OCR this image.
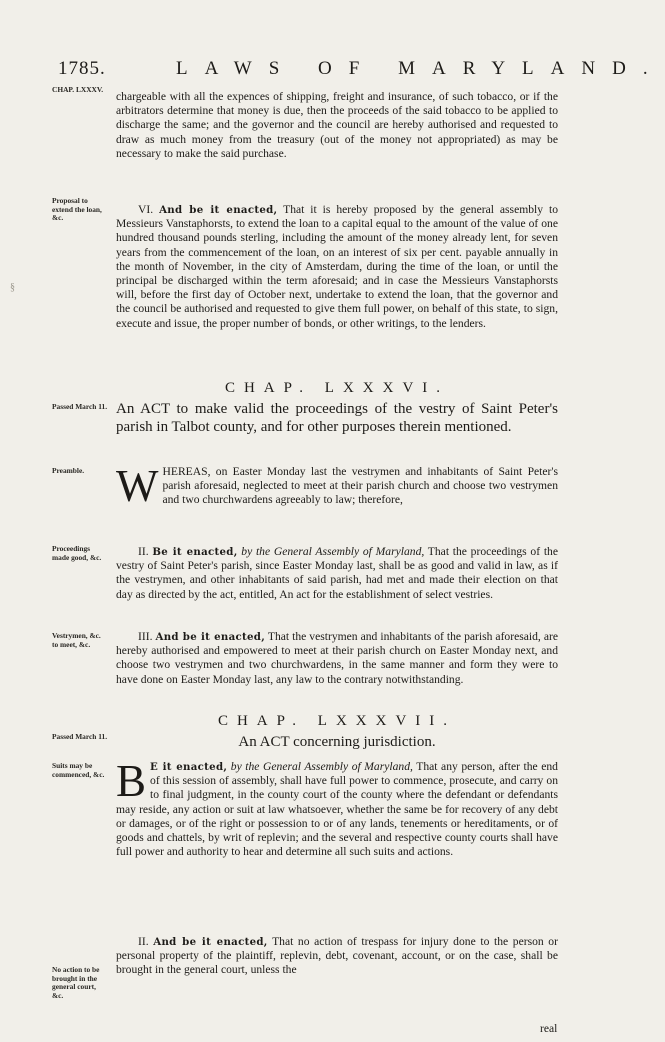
1785.	LAWS OF MARYLAND.
§
CHAP. LXXXV.
Proposal to extend the loan, &c.
Passed March 11.
Preamble.
Proceedings made good, &c.
Vestrymen, &c. to meet, &c.
Passed March 11.
Suits may be commenced, &c.
No action to be brought in the general court, &c.

chargeable with all the expences of shipping, freight and insurance, of such tobacco, or if the arbitrators determine that money is due, then the proceeds of the said tobacco to be applied to discharge the same; and the governor and the council are hereby authorised and requested to draw as much money from the treasury (out of the money not appropriated) as may be necessary to make the said purchase.

VI. And be it enacted, That it is hereby proposed by the general assembly to Messieurs Vanstaphorsts, to extend the loan to a capital equal to the amount of the value of one hundred thousand pounds sterling, including the amount of the money already lent, for seven years from the commencement of the loan, on an interest of six per cent. payable annually in the month of November, in the city of Amsterdam, during the time of the loan, or until the principal be discharged within the term aforesaid; and in case the Messieurs Vanstaphorsts will, before the first day of October next, undertake to extend the loan, that the governor and the council be authorised and requested to give them full power, on behalf of this state, to sign, execute and issue, the proper number of bonds, or other writings, to the lenders.

CHAP. LXXXVI.
An ACT to make valid the proceedings of the vestry of Saint Peter's parish in Talbot county, and for other purposes therein mentioned.

WHEREAS, on Easter Monday last the vestrymen and inhabitants of Saint Peter's parish aforesaid, neglected to meet at their parish church and choose two vestrymen and two churchwardens agreeably to law; therefore,

II. Be it enacted, by the General Assembly of Maryland, That the proceedings of the vestry of Saint Peter's parish, since Easter Monday last, shall be as good and valid in law, as if the vestrymen, and other inhabitants of said parish, had met and made their election on that day as directed by the act, entitled, An act for the establishment of select vestries.

III. And be it enacted, That the vestrymen and inhabitants of the parish aforesaid, are hereby authorised and empowered to meet at their parish church on Easter Monday next, and choose two vestrymen and two churchwardens, in the same manner and form they were to have done on Easter Monday last, any law to the contrary notwithstanding.

CHAP. LXXXVII.
An ACT concerning jurisdiction.

B E it enacted, by the General Assembly of Maryland, That any person, after the end of this session of assembly, shall have full power to commence, prosecute, and carry on to final judgment, in the county court of the county where the defendant or defendants may reside, any action or suit at law whatsoever, whether the same be for recovery of any debt or damages, or of the right or possession to or of any lands, tenements or hereditaments, or of goods and chattels, by writ of replevin; and the several and respective county courts shall have full power and authority to hear and determine all such suits and actions.

II. And be it enacted, That no action of trespass for injury done to the person or personal property of the plaintiff, replevin, debt, covenant, account, or on the case, shall be brought in the general court, unless the

real
